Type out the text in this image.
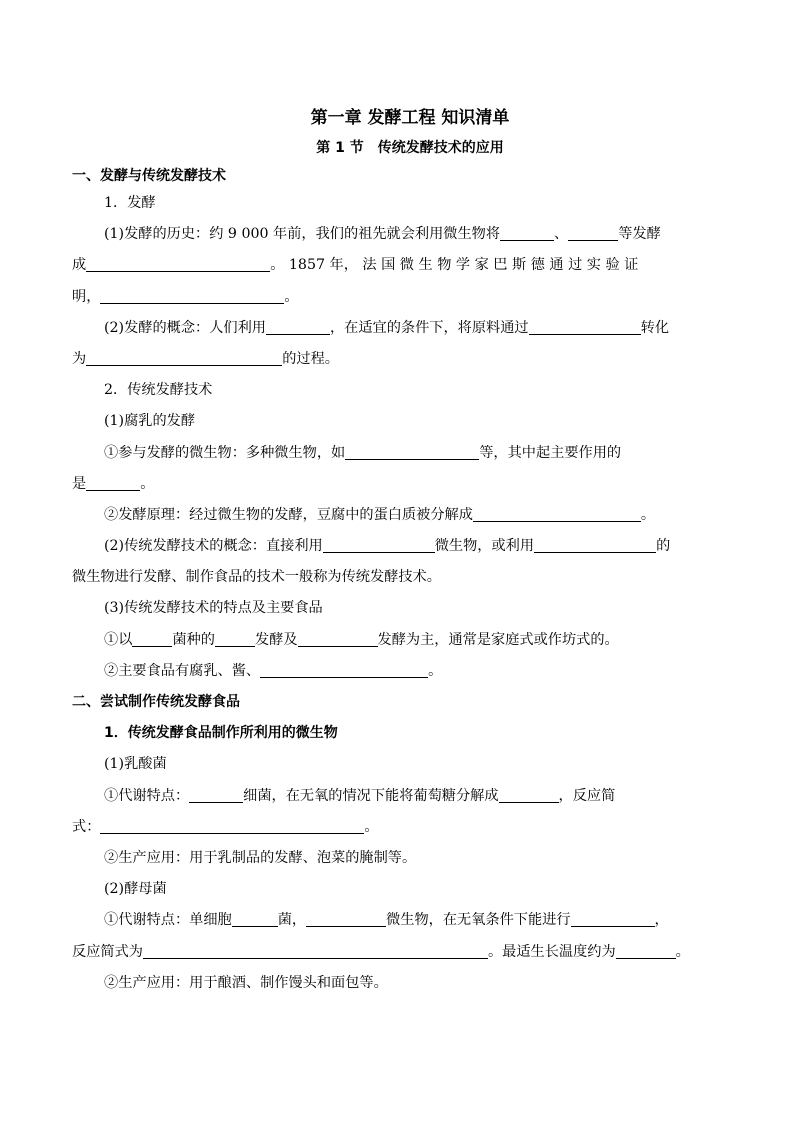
第一章 发酵工程 知识清单
第 1 节　传统发酵技术的应用
一、发酵与传统发酵技术
1．发酵
(1)发酵的历史：约 9 000 年前，我们的祖先就会利用微生物将	、	等发酵
成	。 1857 年， 法 国 微 生 物 学 家 巴 斯 德 通 过 实 验 证
明，	。
(2)发酵的概念：人们利用	，在适宜的条件下，将原料通过	转化
为	的过程。
2．传统发酵技术
(1)腐乳的发酵
①参与发酵的微生物：多种微生物，如	等，其中起主要作用的
是	。
②发酵原理：经过微生物的发酵，豆腐中的蛋白质被分解成	。
(2)传统发酵技术的概念：直接利用	微生物，或利用	的
微生物进行发酵、制作食品的技术一般称为传统发酵技术。
(3)传统发酵技术的特点及主要食品
①以	菌种的	发酵及	发酵为主，通常是家庭式或作坊式的。
②主要食品有腐乳、酱、	。
二、尝试制作传统发酵食品
1．传统发酵食品制作所利用的微生物
(1)乳酸菌
①代谢特点：	细菌，在无氧的情况下能将葡萄糖分解成	，反应简
式：	。
②生产应用：用于乳制品的发酵、泡菜的腌制等。
(2)酵母菌
①代谢特点：单细胞	菌，	微生物，在无氧条件下能进行	，
反应简式为	。最适生长温度约为	。
②生产应用：用于酿酒、制作馒头和面包等。
